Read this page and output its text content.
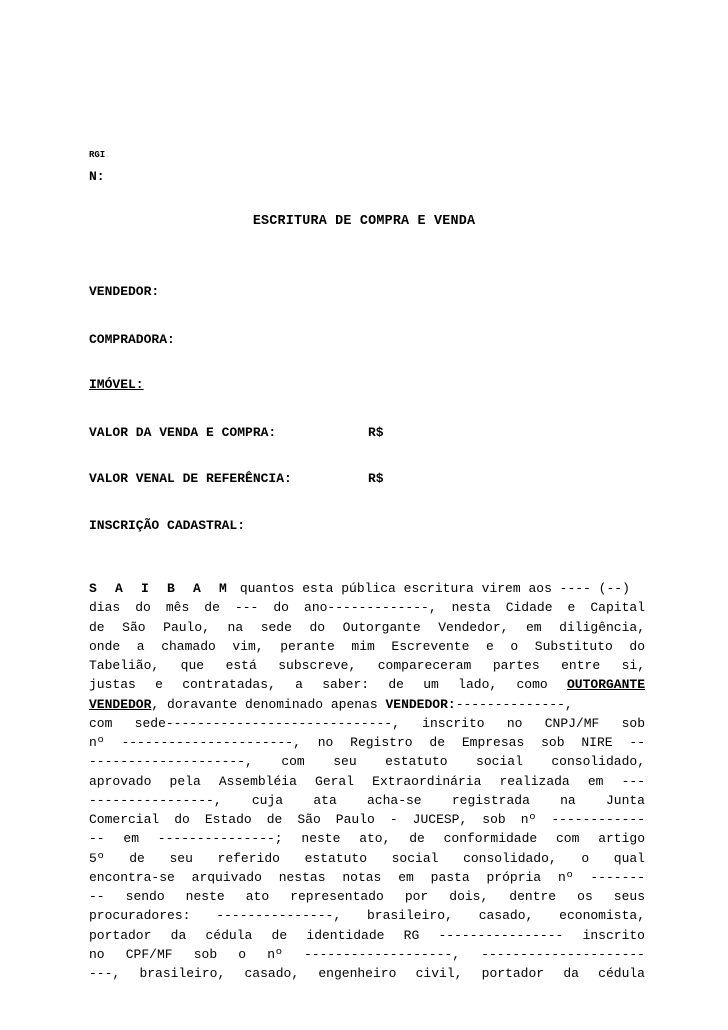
RGI
N:
ESCRITURA DE COMPRA E VENDA
VENDEDOR:
COMPRADORA:
IMÓVEL:
VALOR DA VENDA E COMPRA:	R$
VALOR VENAL DE REFERÊNCIA:	R$
INSCRIÇÃO CADASTRAL:
S A I B A M quantos esta pública escritura virem aos ---- (--)
dias do mês de --- do ano-------------, nesta Cidade e Capital
de São Paulo, na sede do Outorgante Vendedor, em diligência,
onde a chamado vim, perante mim Escrevente e o Substituto do
Tabelião, que está subscreve, compareceram partes entre si,
justas e contratadas, a saber: de um lado, como OUTORGANTE
VENDEDOR, doravante denominado apenas VENDEDOR:--------------,
com sede-----------------------------, inscrito no CNPJ/MF sob
nº ----------------------, no Registro de Empresas sob NIRE --
--------------------, com seu estatuto social consolidado,
aprovado pela Assembléia Geral Extraordinária realizada em ---
----------------, cuja ata acha-se registrada na Junta
Comercial do Estado de São Paulo - JUCESP, sob nº ------------
-- em ---------------; neste ato, de conformidade com artigo
5º de seu referido estatuto social consolidado, o qual
encontra-se arquivado nestas notas em pasta própria nº -------
-- sendo neste ato representado por dois, dentre os seus
procuradores: ---------------, brasileiro, casado, economista,
portador da cédula de identidade RG ---------------- inscrito
no CPF/MF sob o nº -------------------, ---------------------
---, brasileiro, casado, engenheiro civil, portador da cédula
